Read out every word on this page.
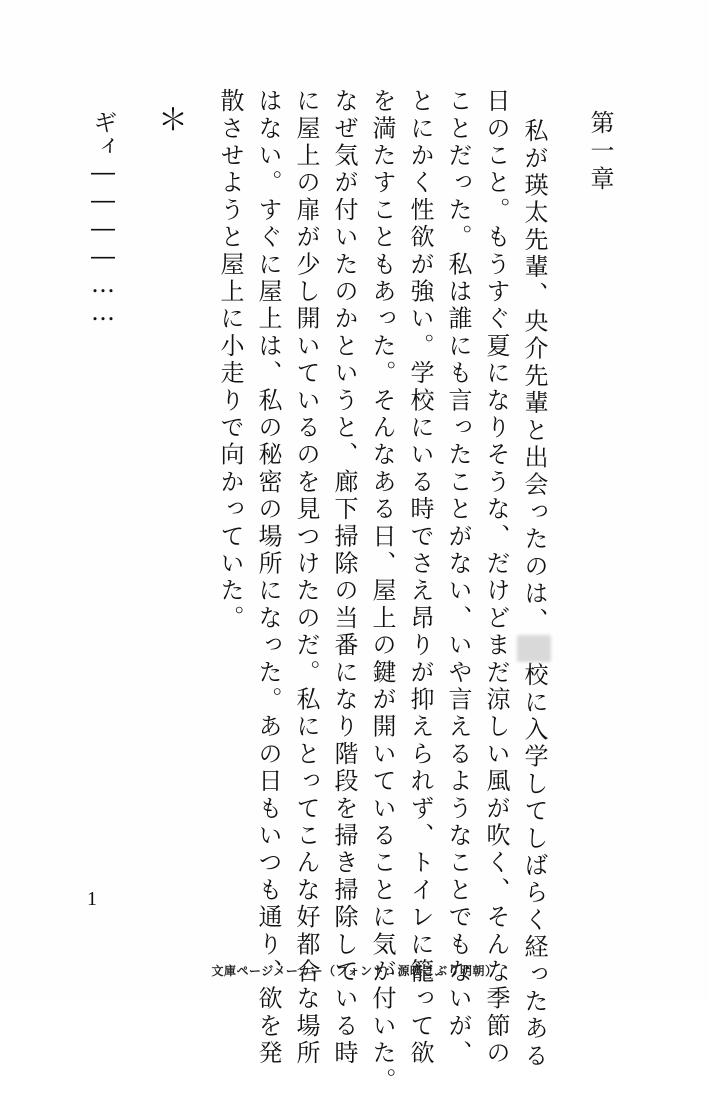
第一章
私が瑛太先輩、央介先輩と出会ったのは、校に入学してしばらく経ったある
日のこと。もうすぐ夏になりそうな、だけどまだ涼しい風が吹く、そんな季節の
ことだった。私は誰にも言ったことがない、いや言えるようなことでもないが、
とにかく性欲が強い。学校にいる時でさえ昂りが抑えられず、トイレに籠って欲
を満たすこともあった。そんなある日、屋上の鍵が開いていることに気が付いた。
なぜ気が付いたのかというと、廊下掃除の当番になり階段を掃き掃除している時
に屋上の扉が少し開いているのを見つけたのだ。私にとってこんな好都合な場所
はない。すぐに屋上は、私の秘密の場所になった。あの日もいつも通り、欲を発
散させようと屋上に小走りで向かっていた。
＊
ギィ――――……
1
文庫ページメーカー（フォント：源暎こぶり明朝）
